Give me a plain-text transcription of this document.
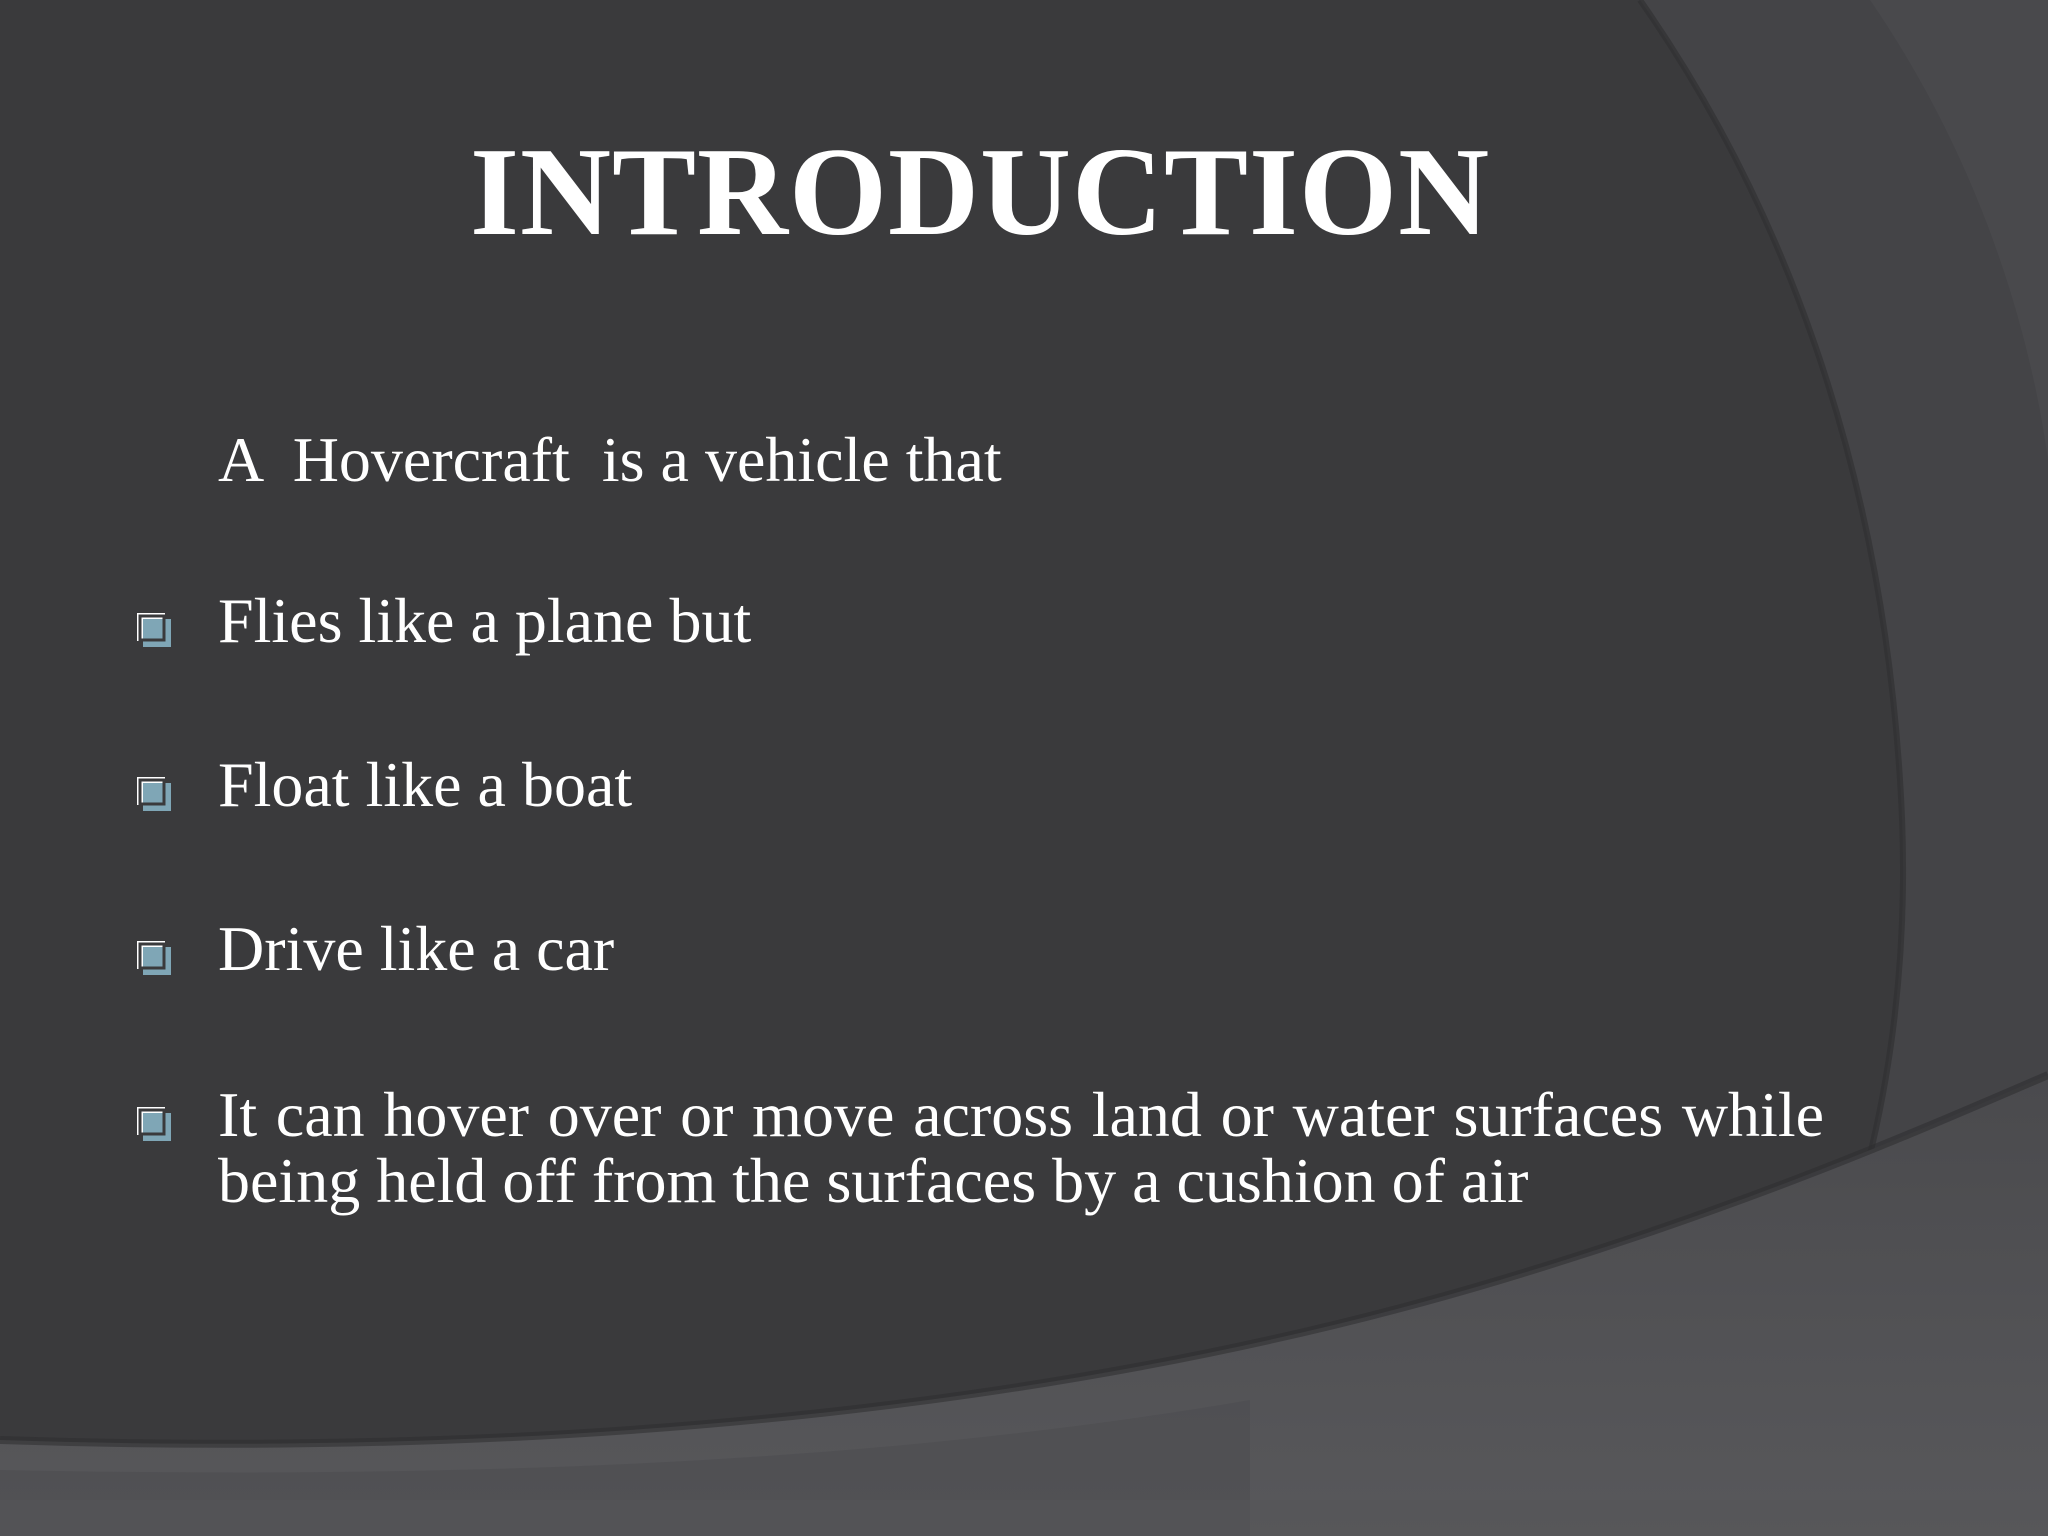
INTRODUCTION
A  Hovercraft  is a vehicle that
Flies like a plane but
Float like a boat
Drive like a car
It can hover over or move across land or water surfaces while being held off from the surfaces by a cushion of air
